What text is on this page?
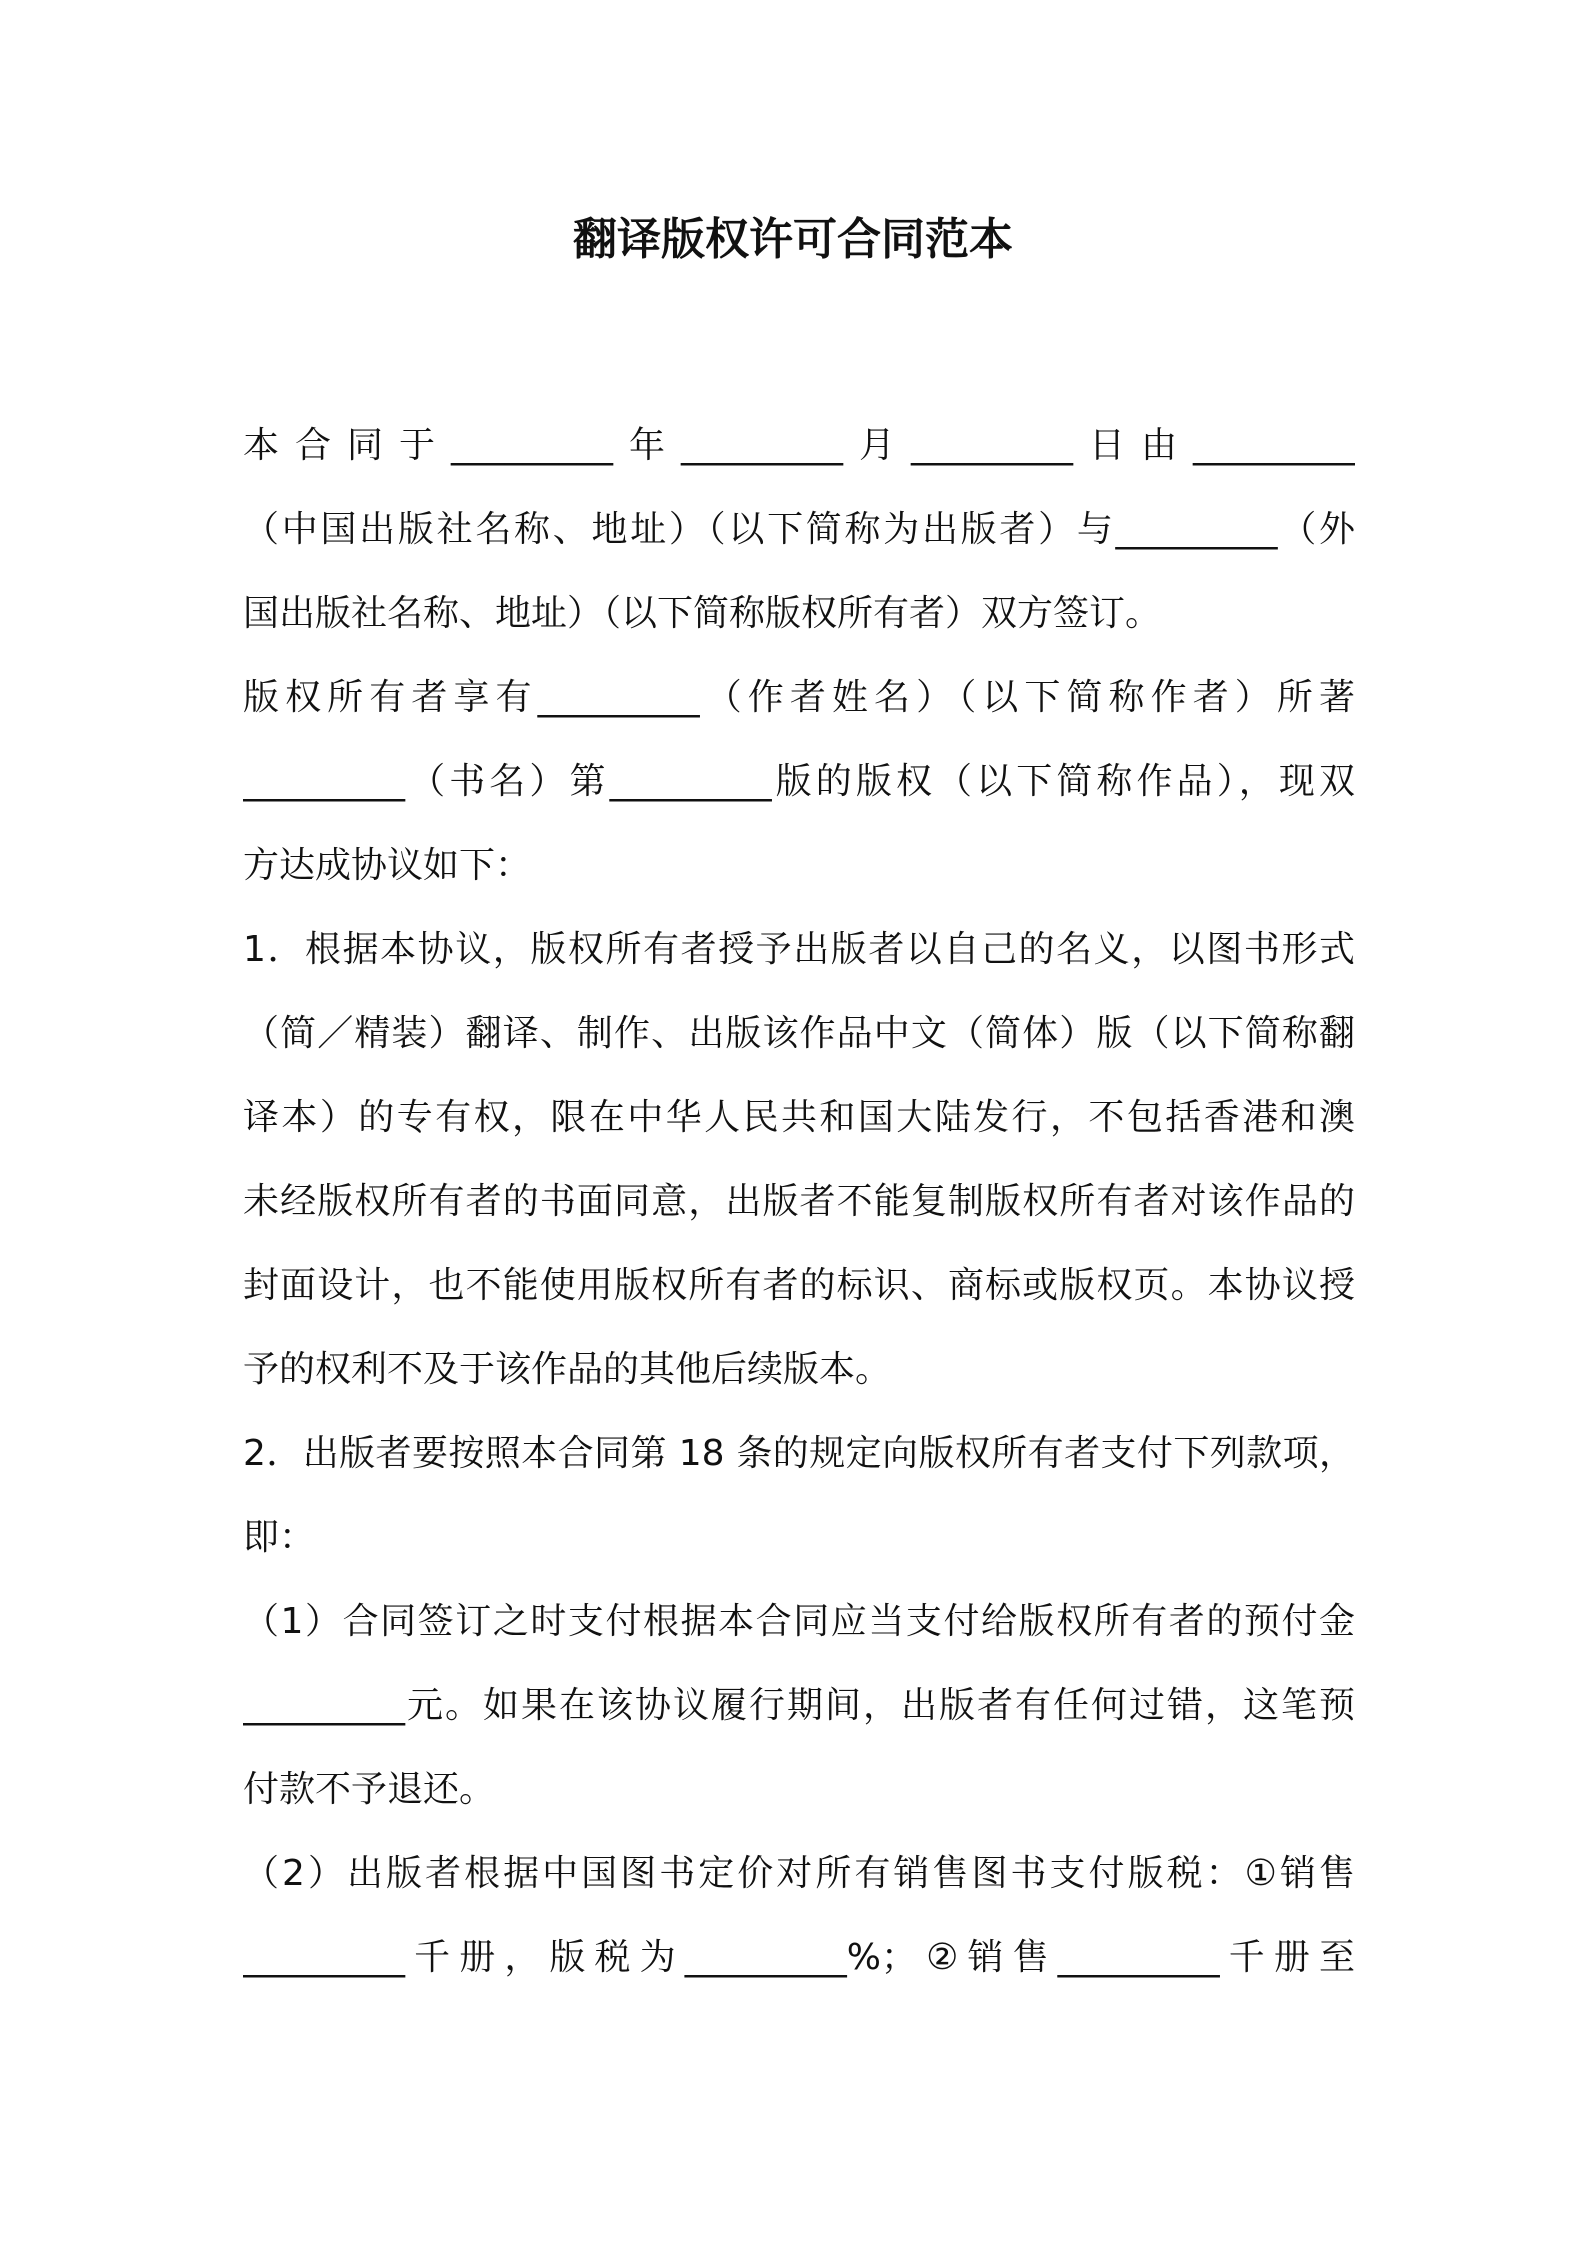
翻译版权许可合同范本
本合同于_________年_________月_________日由_________
（中国出版社名称、地址）（以下简称为出版者）与_________（外
国出版社名称、地址）（以下简称版权所有者）双方签订。
版权所有者享有_________（作者姓名）（以下简称作者）所著
_________（书名）第_________版的版权（以下简称作品），现双
方达成协议如下：
1．根据本协议，版权所有者授予出版者以自己的名义，以图书形式
（简／精装）翻译、制作、出版该作品中文（简体）版（以下简称翻
译本）的专有权，限在中华人民共和国大陆发行，不包括香港和澳
未经版权所有者的书面同意，出版者不能复制版权所有者对该作品的
封面设计，也不能使用版权所有者的标识、商标或版权页。本协议授
予的权利不及于该作品的其他后续版本。
2．出版者要按照本合同第 18 条的规定向版权所有者支付下列款项，
即：
（1）合同签订之时支付根据本合同应当支付给版权所有者的预付金
_________元。如果在该协议履行期间，出版者有任何过错，这笔预
付款不予退还。
（2）出版者根据中国图书定价对所有销售图书支付版税：①销售
_________千册，版税为_________%；②销售_________千册至
